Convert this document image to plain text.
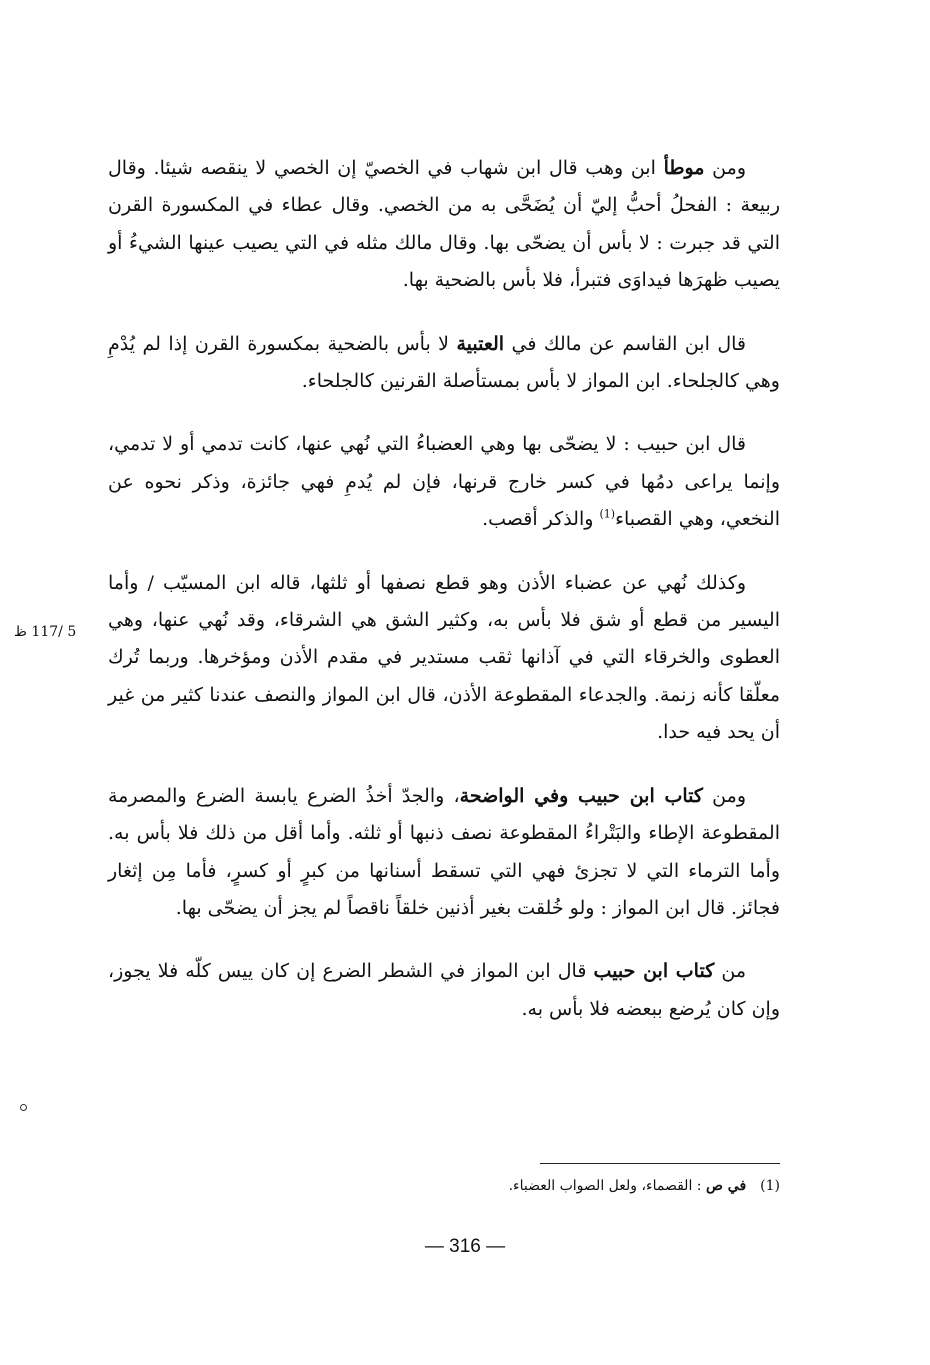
ومن موطأ ابن وهب قال ابن شهاب في الخصيّ إن الخصي لا ينقصه شيئا. وقال ربيعة : الفحلُ أحبُّ إليّ أن يُضَحَّى به من الخصي. وقال عطاء في المكسورة القرن التي قد جبرت : لا بأس أن يضحّى بها. وقال مالك مثله في التي يصيب عينها الشيءُ أو يصيب ظهرَها فيداوَى فتبرأ، فلا بأس بالضحية بها.

قال ابن القاسم عن مالك في العتبية لا بأس بالضحية بمكسورة القرن إذا لم يُدْمِ وهي كالجلحاء. ابن المواز لا بأس بمستأصلة القرنين كالجلحاء.

قال ابن حبيب : لا يضحّى بها وهي العضباءُ التي نُهي عنها، كانت تدمي أو لا تدمي، وإنما يراعى دمُها في كسر خارج قرنها، فإن لم يُدمِ فهي جائزة، وذكر نحوه عن النخعي، وهي القصباء$^{(1)}$ والذكر أقصب.

وكذلك نُهي عن عضباء الأذن وهو قطع نصفها أو ثلثها، قاله ابن المسيّب / وأما اليسير من قطع أو شق فلا بأس به، وكثير الشق هي الشرقاء، وقد نُهي عنها، وهي العطوى والخرقاء التي في آذانها ثقب مستدير في مقدم الأذن ومؤخرها. وربما تُرك معلّقا كأنه زنمة. والجدعاء المقطوعة الأذن، قال ابن المواز والنصف عندنا كثير من غير أن يحد فيه حدا.

ومن كتاب ابن حبيب وفي الواضحة، والجدّ أخذُ الضرع يابسة الضرع والمصرمة المقطوعة الإطاء والبَتْراءُ المقطوعة نصف ذنبها أو ثلثه. وأما أقل من ذلك فلا بأس به. وأما الترماء التي لا تجزئ فهي التي تسقط أسنانها من كبرٍ أو كسرٍ، فأما مِن إثغار فجائز. قال ابن المواز : ولو خُلقت بغير أذنين خلقاً ناقصاً لم يجز أن يضحّى بها.

من كتاب ابن حبيب قال ابن المواز في الشطر الضرع إن كان ييس كلّه فلا يجوز، وإن كان يُرضع ببعضه فلا بأس به.

5 /117 ظ
(1)في ص : القصماء، ولعل الصواب العضباء.
— 316 —
